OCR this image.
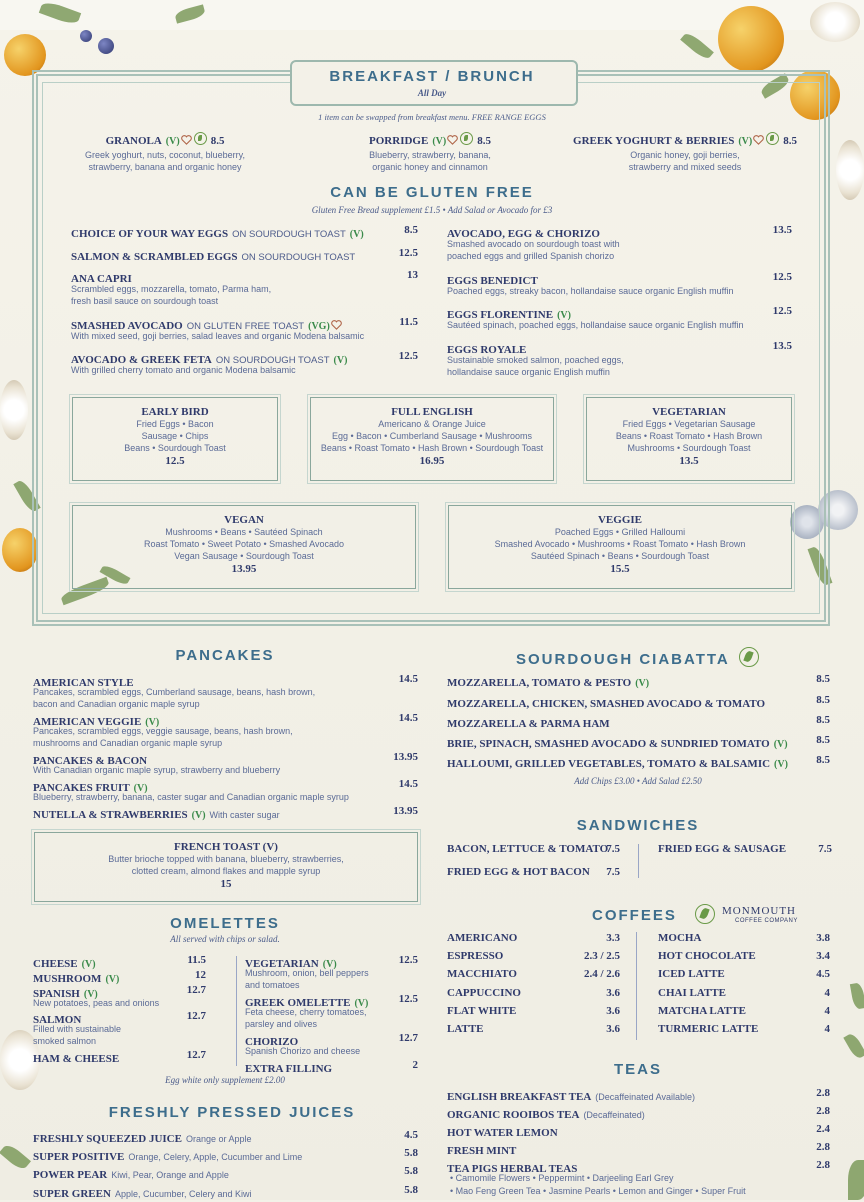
BREAKFAST / BRUNCH
All Day
1 item can be swapped from breakfast menu. FREE RANGE EGGS
GRANOLA (V)	8.5
Greek yoghurt, nuts, coconut, blueberry,
strawberry, banana and organic honey
PORRIDGE (V)	8.5
Blueberry, strawberry, banana,
organic honey and cinnamon
GREEK YOGHURT & BERRIES (V)	8.5
Organic honey, goji berries,
strawberry and mixed seeds
CAN BE GLUTEN FREE
Gluten Free Bread supplement £1.5 • Add Salad or Avocado for £3
CHOICE OF YOUR WAY EGGS ON SOURDOUGH TOAST (V)	8.5
SALMON & SCRAMBLED EGGS ON SOURDOUGH TOAST	12.5
ANA CAPRI	13
Scrambled eggs, mozzarella, tomato, Parma ham,
fresh basil sauce on sourdough toast
SMASHED AVOCADO ON GLUTEN FREE TOAST (VG)	11.5
With mixed seed, goji berries, salad leaves and organic Modena balsamic
AVOCADO & GREEK FETA ON SOURDOUGH TOAST (V)	12.5
With grilled cherry tomato and organic Modena balsamic
AVOCADO, EGG & CHORIZO	13.5
Smashed avocado on sourdough toast with
poached eggs and grilled Spanish chorizo
EGGS BENEDICT	12.5
Poached eggs, streaky bacon, hollandaise sauce organic English muffin
EGGS FLORENTINE (V)	12.5
Sautéed spinach, poached eggs, hollandaise sauce organic English muffin
EGGS ROYALE	13.5
Sustainable smoked salmon, poached eggs,
hollandaise sauce organic English muffin
EARLY BIRD
Fried Eggs • Bacon
Sausage • Chips
Beans • Sourdough Toast
12.5
FULL ENGLISH
Americano & Orange Juice
Egg • Bacon • Cumberland Sausage • Mushrooms
Beans • Roast Tomato • Hash Brown • Sourdough Toast
16.95
VEGETARIAN
Fried Eggs • Vegetarian Sausage
Beans • Roast Tomato • Hash Brown
Mushrooms • Sourdough Toast
13.5
VEGAN
Mushrooms • Beans • Sautéed Spinach
Roast Tomato • Sweet Potato • Smashed Avocado
Vegan Sausage • Sourdough Toast
13.95
VEGGIE
Poached Eggs • Grilled Halloumi
Smashed Avocado • Mushrooms • Roast Tomato • Hash Brown
Sautéed Spinach • Beans • Sourdough Toast
15.5
PANCAKES
AMERICAN STYLE	14.5
Pancakes, scrambled eggs, Cumberland sausage, beans, hash brown,
bacon and Canadian organic maple syrup
AMERICAN VEGGIE (V)	14.5
Pancakes, scrambled eggs, veggie sausage, beans, hash brown,
mushrooms and Canadian organic maple syrup
PANCAKES & BACON	13.95
With Canadian organic maple syrup, strawberry and blueberry
PANCAKES FRUIT (V)	14.5
Blueberry, strawberry, banana, caster sugar and Canadian organic maple syrup
NUTELLA & STRAWBERRIES (V) With caster sugar	13.95
FRENCH TOAST (V)
Butter brioche topped with banana, blueberry, strawberries,
clotted cream, almond flakes and mapple syrup
15
SOURDOUGH CIABATTA
MOZZARELLA, TOMATO & PESTO (V)	8.5
MOZZARELLA, CHICKEN, SMASHED AVOCADO & TOMATO	8.5
MOZZARELLA & PARMA HAM	8.5
BRIE, SPINACH, SMASHED AVOCADO & SUNDRIED TOMATO (V)	8.5
HALLOUMI, GRILLED VEGETABLES, TOMATO & BALSAMIC (V)	8.5
Add Chips £3.00 • Add Salad £2.50
SANDWICHES
BACON, LETTUCE & TOMATO
7.5
FRIED EGG & HOT BACON	7.5
FRIED EGG & SAUSAGE	7.5
OMELETTES
All served with chips or salad.
CHEESE (V)	11.5
MUSHROOM (V)	12
SPANISH (V)	12.7
New potatoes, peas and onions
SALMON	12.7
Filled with sustainable
smoked salmon
HAM & CHEESE	12.7
VEGETARIAN (V)	12.5
Mushroom, onion, bell peppers
and tomatoes
GREEK OMELETTE (V)	12.5
Feta cheese, cherry tomatoes,
parsley and olives
CHORIZO	12.7
Spanish Chorizo and cheese
EXTRA FILLING	2
Egg white only supplement £2.00
COFFEES	MONMOUTH
COFFEE COMPANY
AMERICANO	3.3
ESPRESSO	2.3 / 2.5
MACCHIATO	2.4 / 2.6
CAPPUCCINO	3.6
FLAT WHITE	3.6
LATTE	3.6
MOCHA	3.8
HOT CHOCOLATE	3.4
ICED LATTE	4.5
CHAI LATTE	4
MATCHA LATTE	4
TURMERIC LATTE	4
FRESHLY PRESSED JUICES
FRESHLY SQUEEZED JUICE Orange or Apple	4.5
SUPER POSITIVE Orange, Celery, Apple, Cucumber and Lime	5.8
POWER PEAR Kiwi, Pear, Orange and Apple	5.8
SUPER GREEN Apple, Cucumber, Celery and Kiwi	5.8
TEAS
ENGLISH BREAKFAST TEA (Decaffeinated Available)	2.8
ORGANIC ROOIBOS TEA (Decaffeinated)	2.8
HOT WATER LEMON	2.4
FRESH MINT	2.8
TEA PIGS HERBAL TEAS	2.8
• Camomile Flowers • Peppermint • Darjeeling Earl Grey
• Mao Feng Green Tea • Jasmine Pearls • Lemon and Ginger • Super Fruit
